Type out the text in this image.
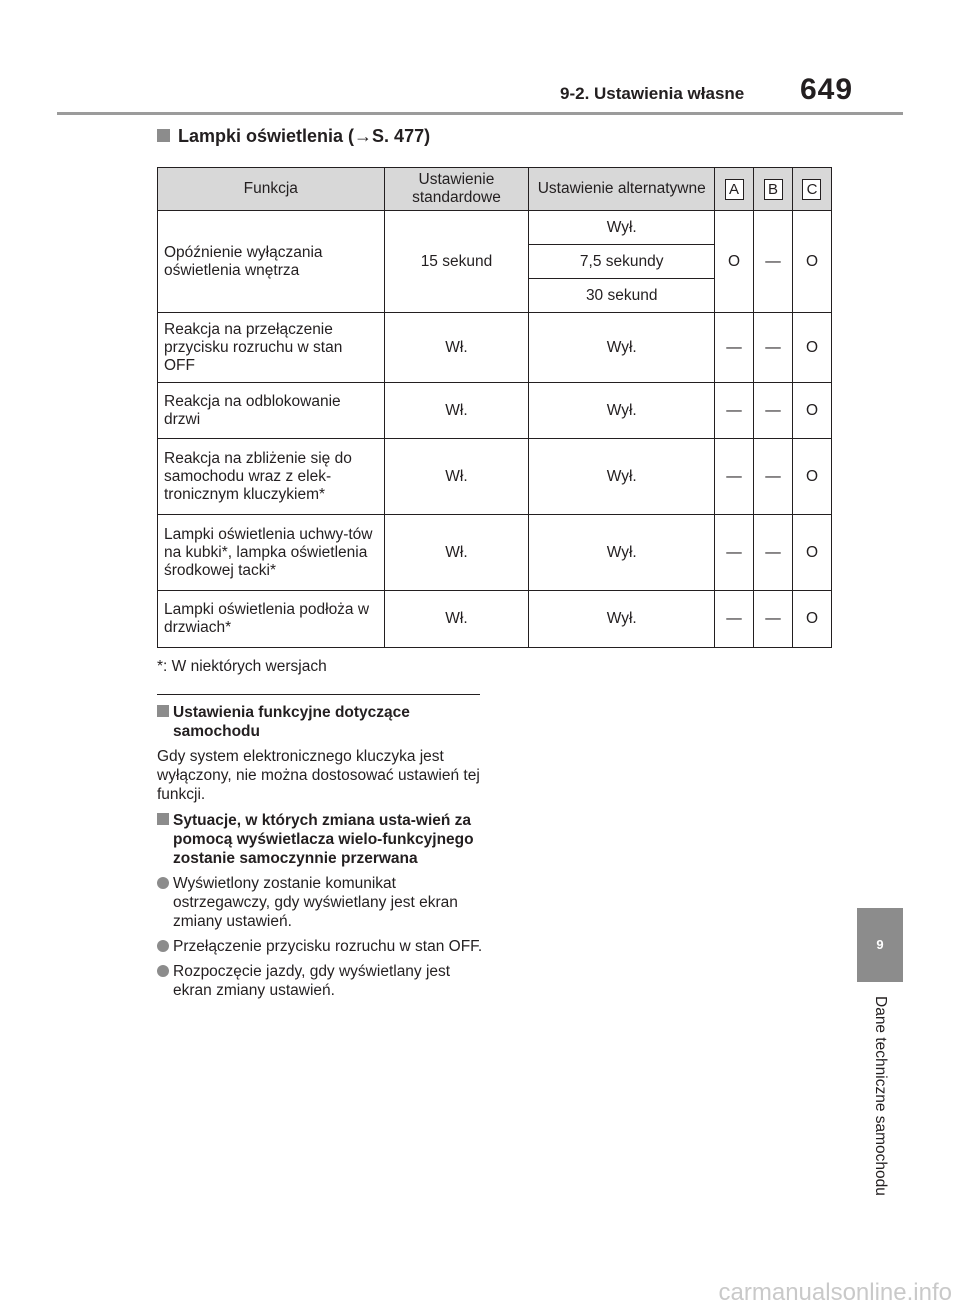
9-2. Ustawienia własne 649
Lampki oświetlenia (→S. 477)
Funkcja	Ustawienie standardowe	Ustawienie alternatywne	A	B	C
Opóźnienie wyłączania oświetlenia wnętrza	15 sekund	Wył.	O	—	O
		7,5 sekundy			
		30 sekund			
Reakcja na przełączenie przycisku rozruchu w stan OFF	Wł.	Wył.	—	—	O
Reakcja na odblokowanie drzwi	Wł.	Wył.	—	—	O
Reakcja na zbliżenie się do samochodu wraz z elek-tronicznym kluczykiem*	Wł.	Wył.	—	—	O
Lampki oświetlenia uchwy-tów na kubki*, lampka oświetlenia środkowej tacki*	Wł.	Wył.	—	—	O
Lampki oświetlenia podłoża w drzwiach*	Wł.	Wył.	—	—	O
*: W niektórych wersjach
Ustawienia funkcyjne dotyczące samochodu

Gdy system elektronicznego kluczyka jest wyłączony, nie można dostosować ustawień tej funkcji.

Sytuacje, w których zmiana usta-wień za pomocą wyświetlacza wielo-funkcyjnego zostanie samoczynnie przerwana
Wyświetlony zostanie komunikat ostrzegawczy, gdy wyświetlany jest ekran zmiany ustawień.
Przełączenie przycisku rozruchu w stan OFF.
Rozpoczęcie jazdy, gdy wyświetlany jest ekran zmiany ustawień.
9
Dane techniczne samochodu
carmanualsonline.info
